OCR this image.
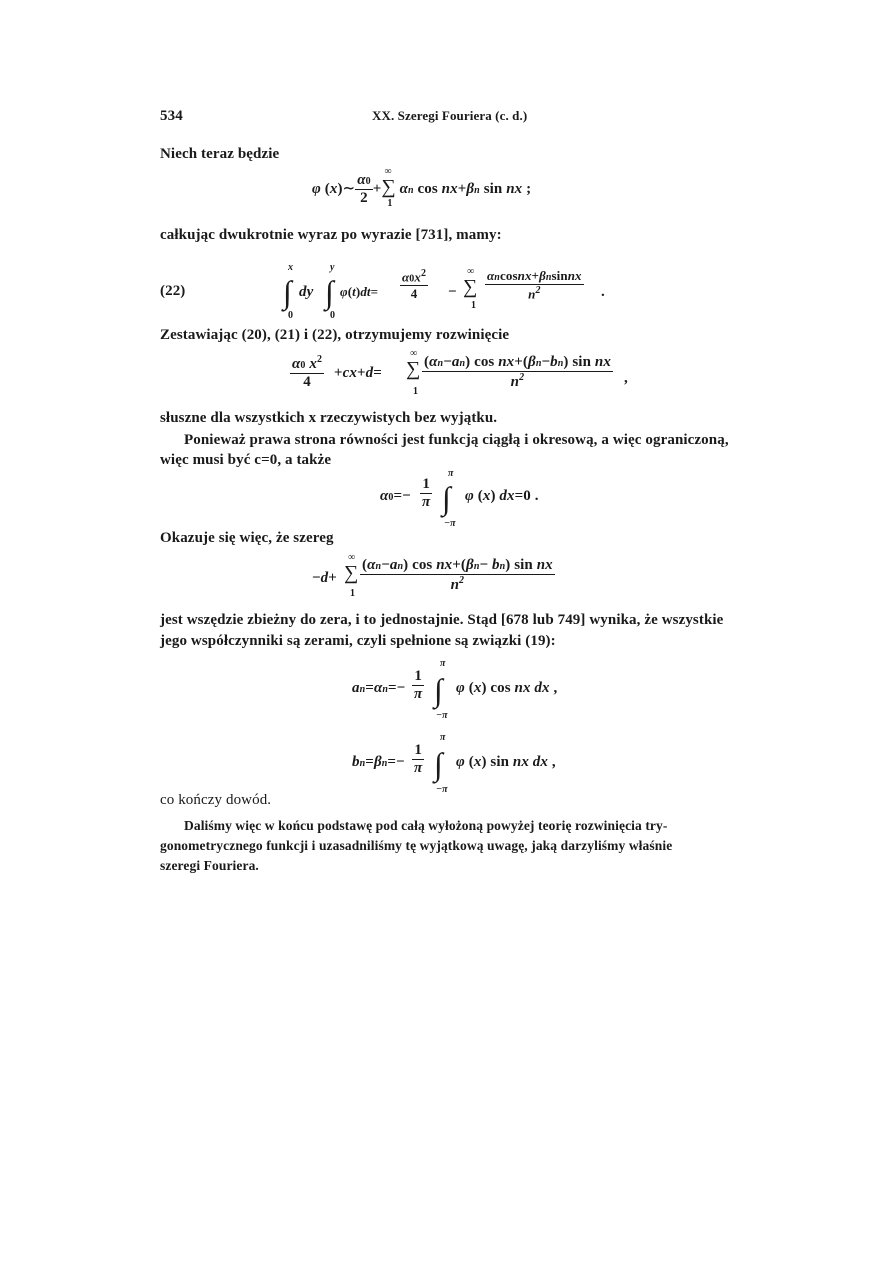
534	XX. Szeregi Fouriera (c. d.)
Niech teraz będzie
φ (x)∼ $\frac{\alpha 0}{2}$ +∑
∞
1
αn cos nx+βn sin nx ;
całkując dwukrotnie wyraz po wyrazie [731], mamy:
(22)
x
0
∫ dy
y
0
∫ $\varphi(t)dt= \frac{\alpha 0x^2}{4}$ − ∑
∞
1
$\frac{\text{αncosnx+βnsinnx}}{n^2}$ .
Zestawiając (20), (21) i (22), otrzymujemy rozwinięcie
$\frac{\alpha 0 x^2}{4} +cx+d=$ ∑
∞
1
$\frac{\text{(αn−an) cos nx+(βn−bn) sin nx}}{n^2}$ ,
słuszne dla wszystkich x rzeczywistych bez wyjątku.
Ponieważ prawa strona równości jest funkcją ciągłą i okresową, a więc ograniczoną,
więc musi być c=0, a także
$\alpha 0=- \frac{1}{\pi}$
π
∫
−π
φ (x) dx=0 .
Okazuje się więc, że szereg
−d+ ∑
∞
$1 \frac{\text{(αn−an) cos nx+(βn− bn) sin nx}}{n^2}$
jest wszędzie zbieżny do zera, i to jednostajnie. Stąd [678 lub 749] wynika, że wszystkie
jego współczynniki są zerami, czyli spełnione są związki (19):
$an=\alpha n=- \frac{1}{\pi}$
π
∫
−π
φ (x) cos nx dx ,
$bn=\beta n=- \frac{1}{\pi}$
π
∫
−π
φ (x) sin nx dx ,
co kończy dowód.
Daliśmy więc w końcu podstawę pod całą wyłożoną powyżej teorię rozwinięcia try-
gonometrycznego funkcji i uzasadniliśmy tę wyjątkową uwagę, jaką darzyliśmy właśnie
szeregi Fouriera.
